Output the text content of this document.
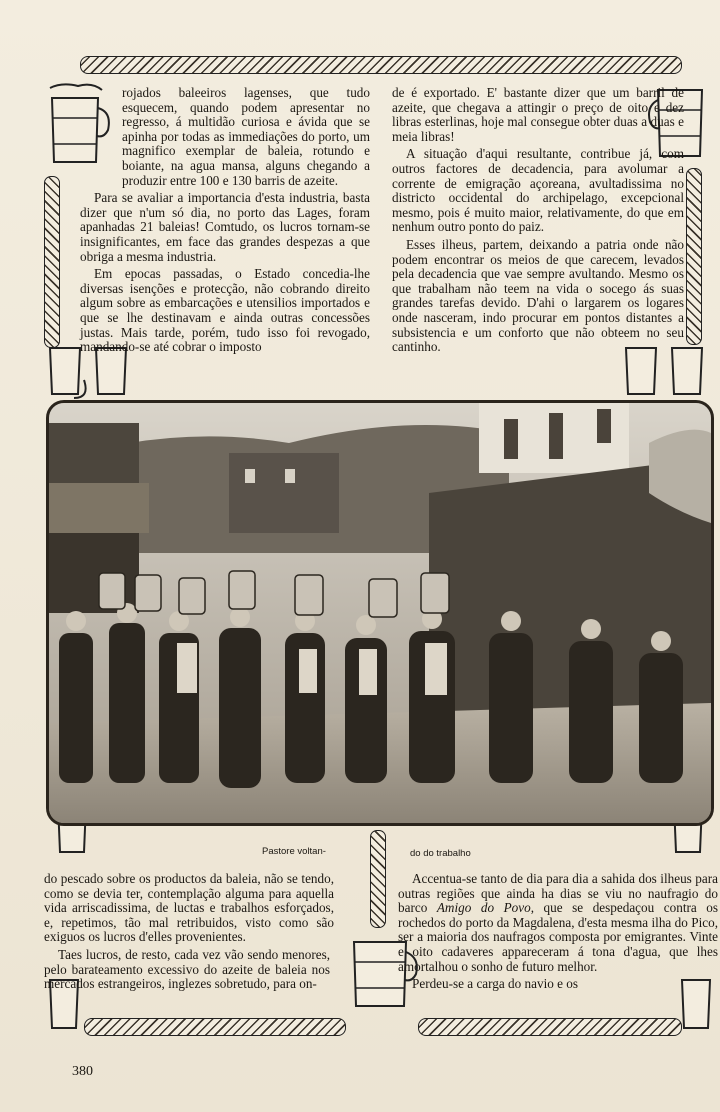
rojados baleeiros lagenses, que tudo esquecem, quando podem apresentar no regresso, á multidão curiosa e ávida que se apinha por todas as immediações do porto, um magnifico exemplar de baleia, rotundo e boiante, na agua mansa, alguns chegando a produzir entre 100 e 130 barris de azeite.

Para se avaliar a importancia d'esta industria, basta dizer que n'um só dia, no porto das Lages, foram apanhadas 21 baleias! Comtudo, os lucros tornam-se insignificantes, em face das grandes despezas a que obriga a mesma industria.

Em epocas passadas, o Estado concedia-lhe diversas isenções e protecção, não cobrando direito algum sobre as embarcações e utensilios importados e que se lhe destinavam e ainda outras concessões justas. Mais tarde, porém, tudo isso foi revogado, mandando-se até cobrar o imposto

de é exportado. E' bastante dizer que um barril de azeite, que chegava a attingir o preço de oito e dez libras esterlinas, hoje mal consegue obter duas a duas e meia libras!

A situação d'aqui resultante, contribue já, com outros factores de decadencia, para avolumar a corrente de emigração açoreana, avultadissima no districto occidental do archipelago, excepcional mesmo, pois é muito maior, relativamente, do que em nenhum outro ponto do paiz.

Esses ilheus, partem, deixando a patria onde não podem encontrar os meios de que carecem, levados pela decadencia que vae sempre avultando. Mesmo os que trabalham não teem na vida o socego ás suas grandes tarefas devido. D'ahi o largarem os logares onde nasceram, indo procurar em pontos distantes a subsistencia e um conforto que não obteem no seu cantinho.

Pastore voltan-	do do trabalho

do pescado sobre os productos da baleia, não se tendo, como se devia ter, contemplação alguma para aquella vida arriscadissima, de luctas e trabalhos esforçados, e, repetimos, tão mal retribuidos, visto como são exiguos os lucros d'elles provenientes.

Taes lucros, de resto, cada vez vão sendo menores, pelo barateamento excessivo do azeite de baleia nos mercados estrangeiros, inglezes sobretudo, para on-

Accentua-se tanto de dia para dia a sahida dos ilheus para outras regiões que ainda ha dias se viu no naufragio do barco Amigo do Povo, que se despedaçou contra os rochedos do porto da Magdalena, d'esta mesma ilha do Pico, ser a maioria dos naufragos composta por emigrantes. Vinte e oito cadaveres appareceram á tona d'agua, que lhes amortalhou o sonho de futuro melhor.

Perdeu-se a carga do navio e os

380
